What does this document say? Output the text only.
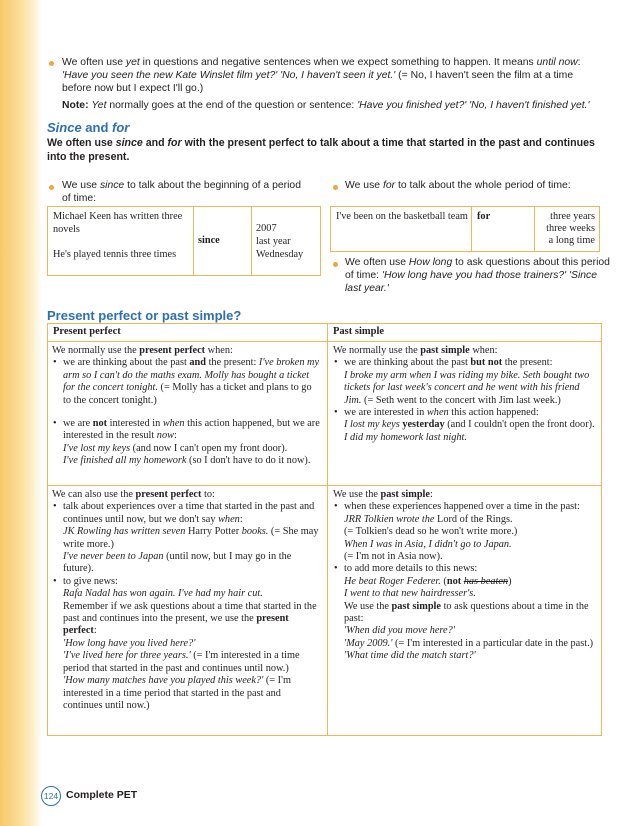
We often use yet in questions and negative sentences when we expect something to happen. It means until now: 'Have you seen the new Kate Winslet film yet?' 'No, I haven't seen it yet.' (= No, I haven't seen the film at a time before now but I expect I'll go.)
Note: Yet normally goes at the end of the question or sentence: 'Have you finished yet?' 'No, I haven't finished yet.'
Since and for
We often use since and for with the present perfect to talk about a time that started in the past and continues into the present.
We use since to talk about the beginning of a period of time:
We use for to talk about the whole period of time:
Michael Keen has written three novels
He's played tennis three times
since
2007
last year
Wednesday
I've been on the basketball team for	three years
three weeks
a long time
We often use How long to ask questions about this period of time: 'How long have you had those trainers?' 'Since last year.'
Present perfect or past simple?
Present perfect	Past simple

We normally use the present perfect when:

• we are thinking about the past and the present: I've broken my arm so I can't do the maths exam. Molly has bought a ticket for the concert tonight. (= Molly has a ticket and plans to go to the concert tonight.)

• we are not interested in when this action happened, but we are interested in the result now:
I've lost my keys (and now I can't open my front door).
I've finished all my homework (so I don't have to do it now).

We normally use the past simple when:

• we are thinking about the past but not the present:
I broke my arm when I was riding my bike. Seth bought two tickets for last week's concert and he went with his friend Jim. (= Seth went to the concert with Jim last week.)

• we are interested in when this action happened:
I lost my keys yesterday (and I couldn't open the front door). I did my homework last night.

We can also use the present perfect to:

• talk about experiences over a time that started in the past and continues until now, but we don't say when:
JK Rowling has written seven Harry Potter books. (= She may write more.)
I've never been to Japan (until now, but I may go in the future).

• to give news:
Rafa Nadal has won again. I've had my hair cut.
Remember if we ask questions about a time that started in the past and continues into the present, we use the present perfect:
'How long have you lived here?'
'I've lived here for three years.' (= I'm interested in a time period that started in the past and continues until now.)
'How many matches have you played this week?' (= I'm interested in a time period that started in the past and continues until now.)

We use the past simple:

• when these experiences happened over a time in the past:
JRR Tolkien wrote the Lord of the Rings.
(= Tolkien's dead so he won't write more.)
When I was in Asia, I didn't go to Japan.
(= I'm not in Asia now).

• to add more details to this news:
He beat Roger Federer. (not has beaten)
I went to that new hairdresser's.
We use the past simple to ask questions about a time in the past:
'When did you move here?'
'May 2009.' (= I'm interested in a particular date in the past.)
'What time did the match start?'

124 Complete PET
